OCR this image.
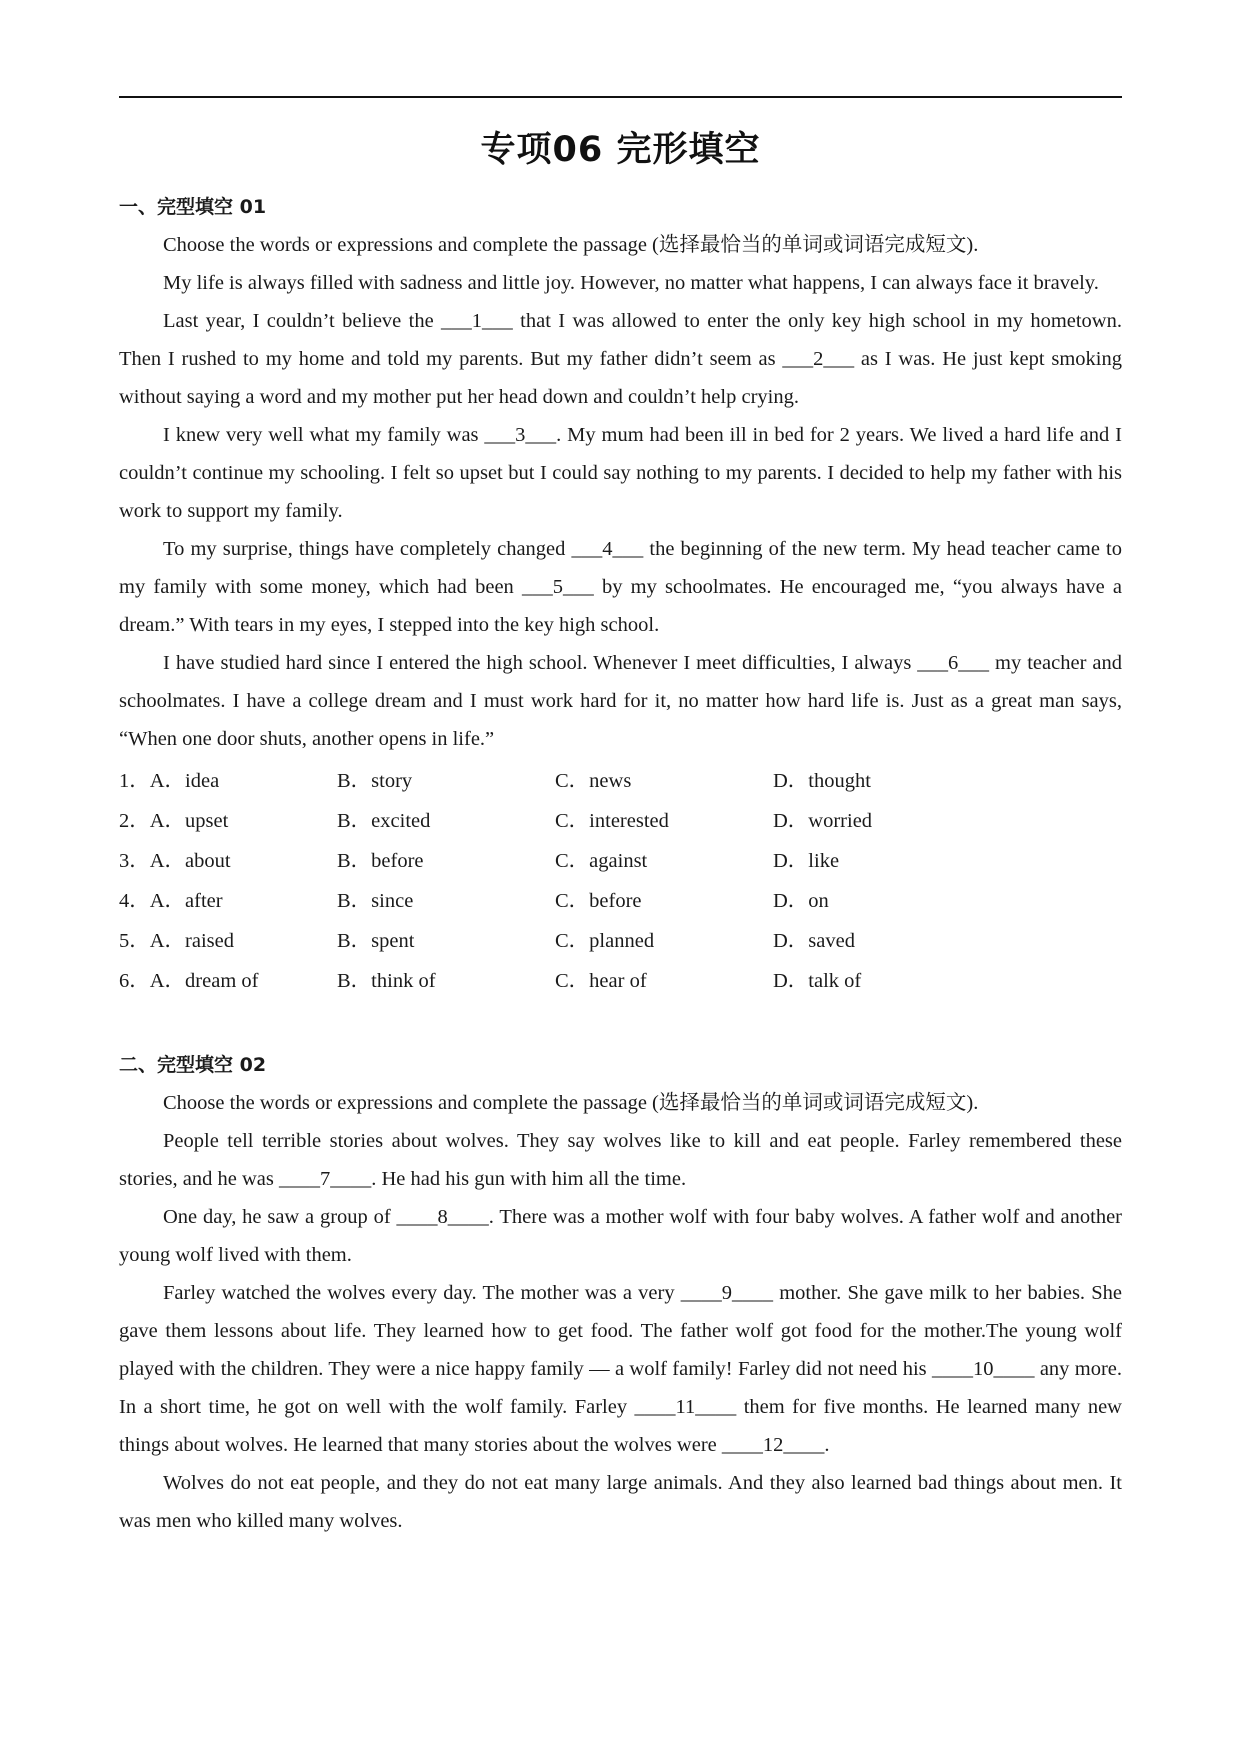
专项06 完形填空
一、完型填空 01

Choose the words or expressions and complete the passage (选择最恰当的单词或词语完成短文).

My life is always filled with sadness and little joy. However, no matter what happens, I can always face it bravely.

Last year, I couldn’t believe the ___1___ that I was allowed to enter the only key high school in my hometown. Then I rushed to my home and told my parents. But my father didn’t seem as ___2___ as I was. He just kept smoking without saying a word and my mother put her head down and couldn’t help crying.

I knew very well what my family was ___3___. My mum had been ill in bed for 2 years. We lived a hard life and I couldn’t continue my schooling. I felt so upset but I could say nothing to my parents. I decided to help my father with his work to support my family.

To my surprise, things have completely changed ___4___ the beginning of the new term. My head teacher came to my family with some money, which had been ___5___ by my schoolmates. He encouraged me, “you always have a dream.” With tears in my eyes, I stepped into the key high school.

I have studied hard since I entered the high school. Whenever I meet difficulties, I always ___6___ my teacher and schoolmates. I have a college dream and I must work hard for it, no matter how hard life is. Just as a great man says, “When one door shuts, another opens in life.”

1．A．idea	B．story	C．news	D．thought
2．A．upset	B．excited	C．interested	D．worried
3．A．about	B．before	C．against	D．like
4．A．after	B．since	C．before	D．on
5．A．raised	B．spent	C．planned	D．saved
6．A．dream of	B．think of	C．hear of	D．talk of
二、完型填空 02

Choose the words or expressions and complete the passage (选择最恰当的单词或词语完成短文).

People tell terrible stories about wolves. They say wolves like to kill and eat people. Farley remembered these stories, and he was ____7____. He had his gun with him all the time.

One day, he saw a group of ____8____. There was a mother wolf with four baby wolves. A father wolf and another young wolf lived with them.

Farley watched the wolves every day. The mother was a very ____9____ mother. She gave milk to her babies. She gave them lessons about life. They learned how to get food. The father wolf got food for the mother.The young wolf played with the children. They were a nice happy family — a wolf family! Farley did not need his ____10____ any more. In a short time, he got on well with the wolf family. Farley ____11____ them for five months. He learned many new things about wolves. He learned that many stories about the wolves were ____12____.

Wolves do not eat people, and they do not eat many large animals. And they also learned bad things about men. It was men who killed many wolves.
